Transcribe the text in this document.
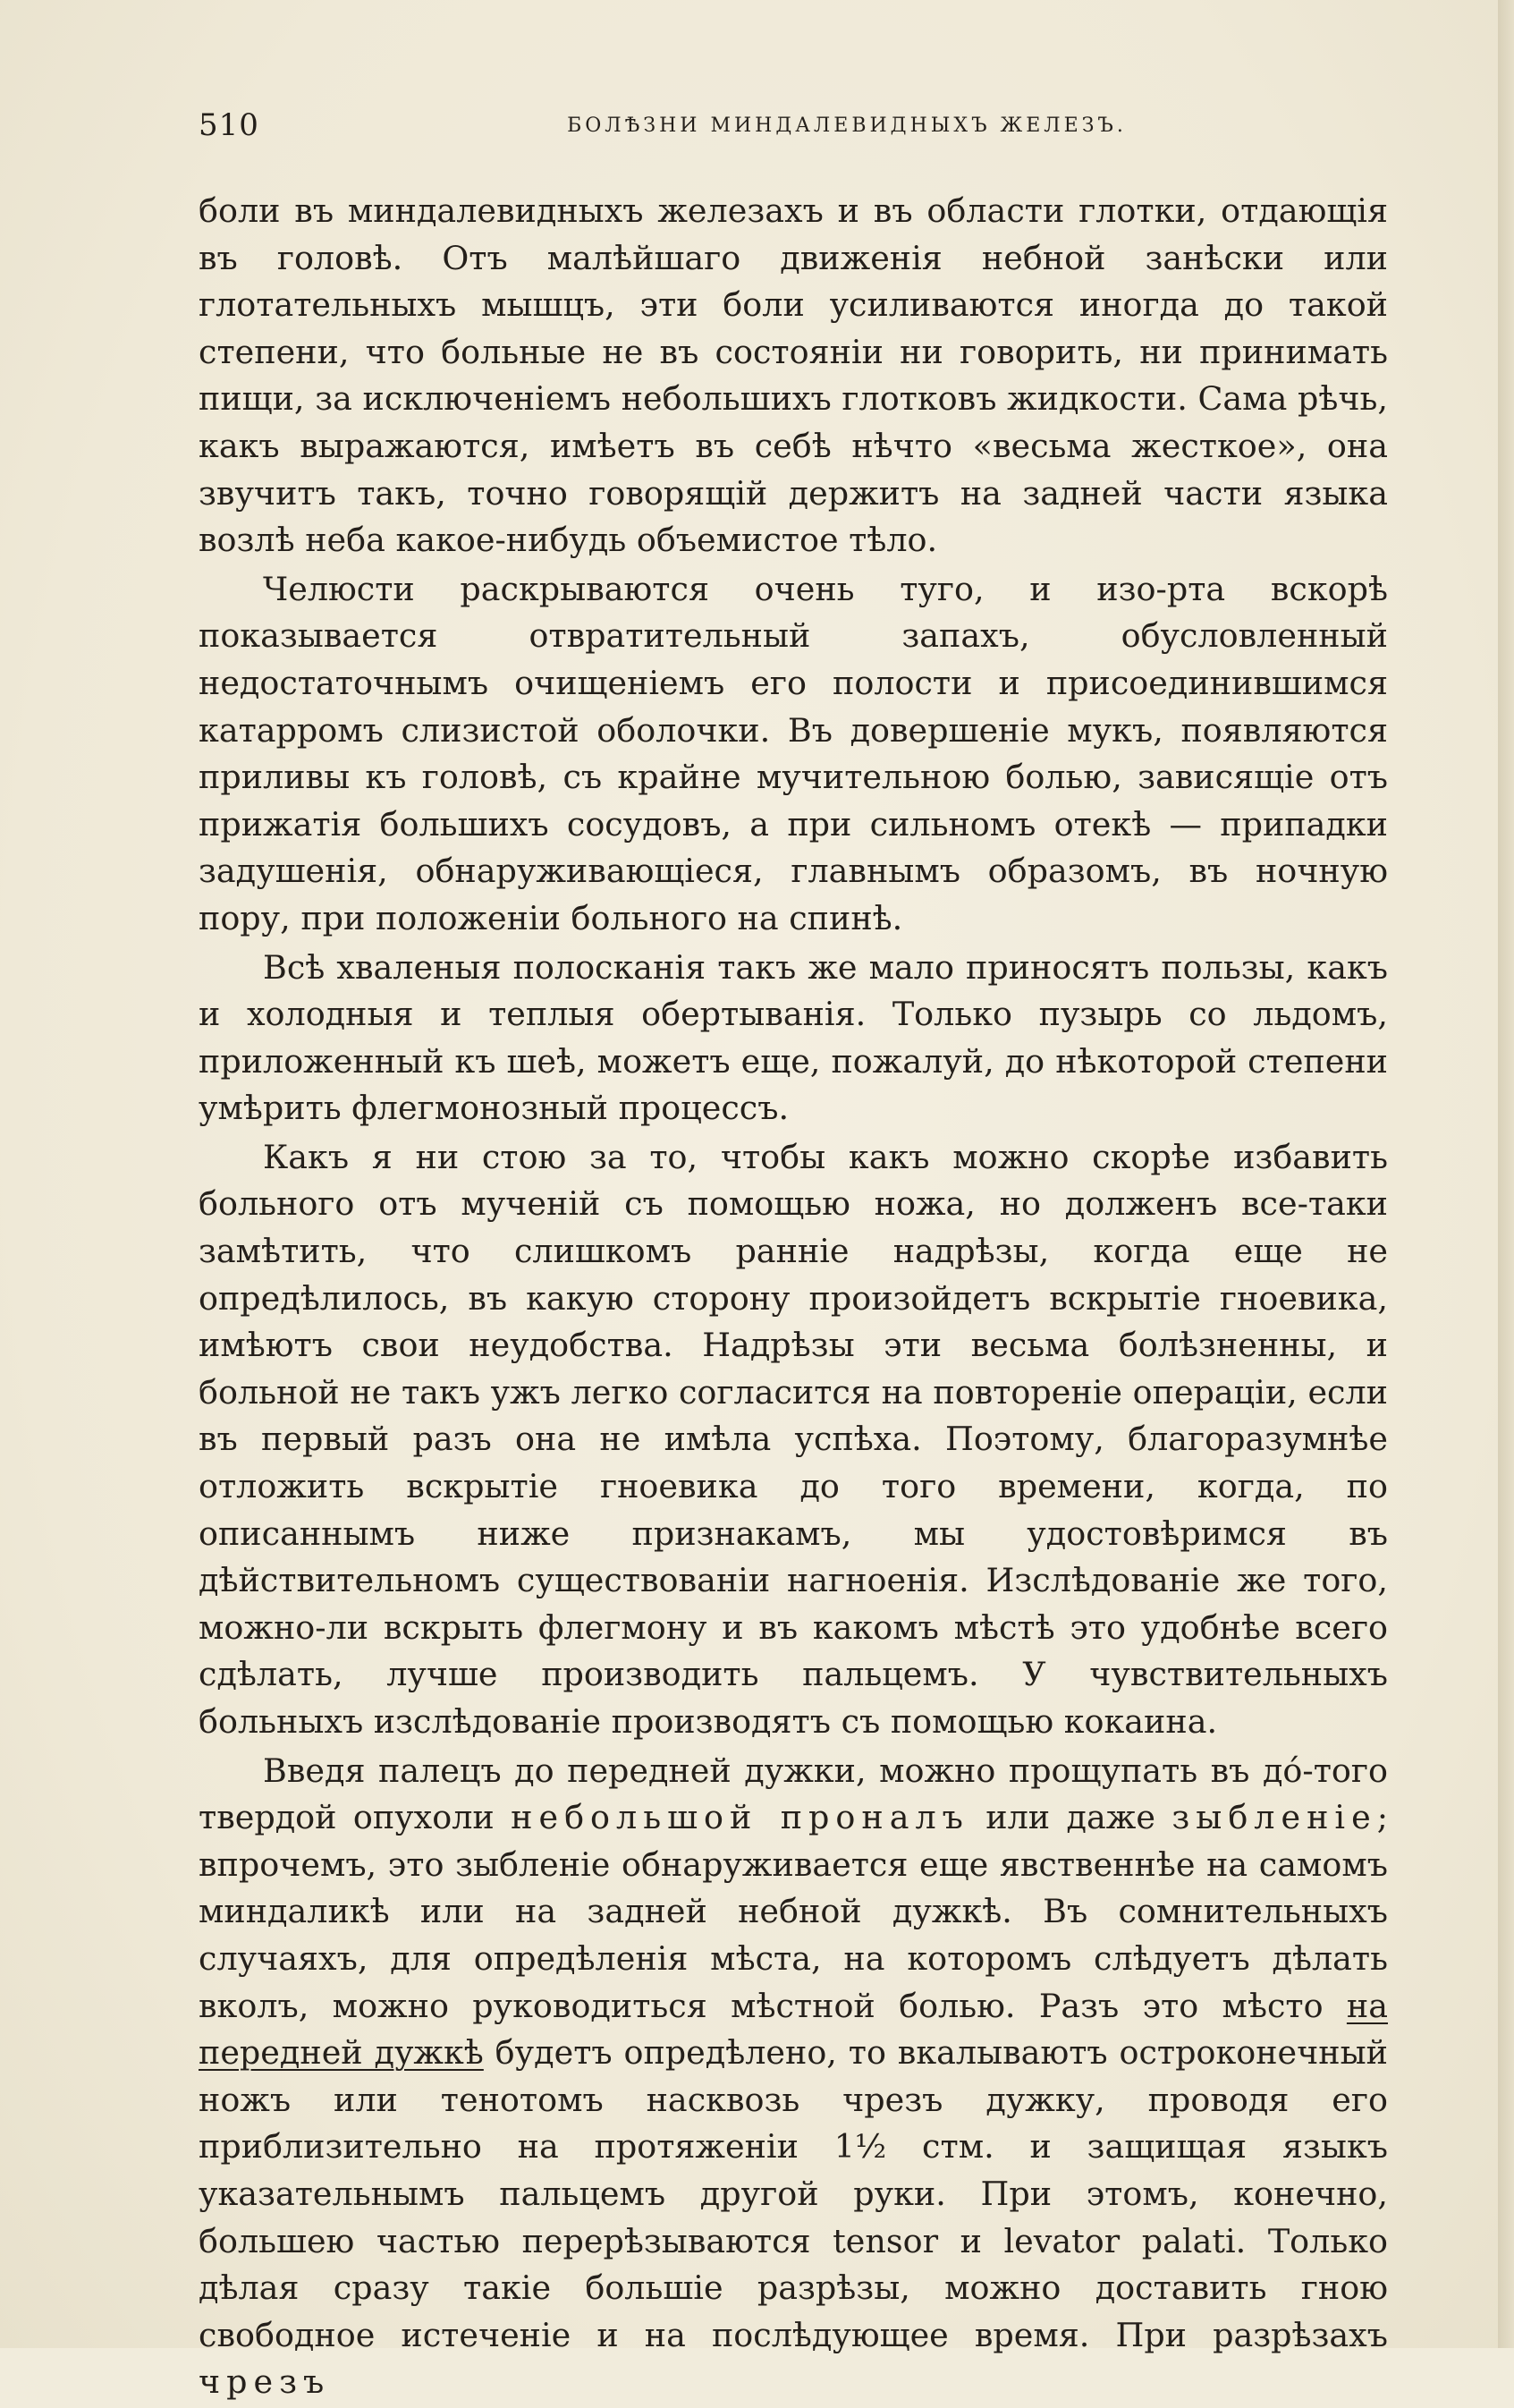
510	БОЛѢЗНИ МИНДАЛЕВИДНЫХЪ ЖЕЛЕЗЪ.

боли въ миндалевидныхъ железахъ и въ области глотки, отдающія въ головѣ. Отъ малѣйшаго движенія небной занѣски или глотательныхъ мышцъ, эти боли усиливаются иногда до такой степени, что больные не въ состояніи ни говорить, ни принимать пищи, за исключеніемъ небольшихъ глотковъ жидкости. Сама рѣчь, какъ выражаются, имѣетъ въ себѣ нѣчто «весьма жесткое», она звучитъ такъ, точно говорящій держитъ на задней части языка возлѣ неба какое-нибудь объемистое тѣло.

Челюсти раскрываются очень туго, и изо-рта вскорѣ показывается отвратительный запахъ, обусловленный недостаточнымъ очищеніемъ его полости и присоединившимся катарромъ слизистой оболочки. Въ довершеніе мукъ, появляются приливы къ головѣ, съ крайне мучительною болью, зависящіе отъ прижатія большихъ сосудовъ, а при сильномъ отекѣ — припадки задушенія, обнаруживающіеся, главнымъ образомъ, въ ночную пору, при положеніи больного на спинѣ.

Всѣ хваленыя полосканія такъ же мало приносятъ пользы, какъ и холодныя и теплыя обертыванія. Только пузырь со льдомъ, приложенный къ шеѣ, можетъ еще, пожалуй, до нѣкоторой степени умѣрить флегмонозный процессъ.

Какъ я ни стою за то, чтобы какъ можно скорѣе избавить больного отъ мученій съ помощью ножа, но долженъ все-таки замѣтить, что слишкомъ ранніе надрѣзы, когда еще не опредѣлилось, въ какую сторону произойдетъ вскрытіе гноевика, имѣютъ свои неудобства. Надрѣзы эти весьма болѣзненны, и больной не такъ ужъ легко согласится на повтореніе операціи, если въ первый разъ она не имѣла успѣха. Поэтому, благоразумнѣе отложить вскрытіе гноевика до того времени, когда, по описаннымъ ниже признакамъ, мы удостовѣримся въ дѣйствительномъ существованіи нагноенія. Изслѣдованіе же того, можно-ли вскрыть флегмону и въ какомъ мѣстѣ это удобнѣе всего сдѣлать, лучше производить пальцемъ. У чувствительныхъ больныхъ изслѣдованіе производятъ съ помощью кокаина.

Введя палецъ до передней дужки, можно прощупать въ до́-того твердой опухоли небольшой проналъ или даже зыбленіе; впрочемъ, это зыбленіе обнаруживается еще явственнѣе на самомъ миндаликѣ или на задней небной дужкѣ. Въ сомнительныхъ случаяхъ, для опредѣленія мѣста, на которомъ слѣдуетъ дѣлать вколъ, можно руководиться мѣстной болью. Разъ это мѣсто на передней дужкѣ будетъ опредѣлено, то вкалываютъ остроконечный ножъ или тенотомъ насквозь чрезъ дужку, проводя его приблизительно на протяженіи 1½ стм. и защищая языкъ указательнымъ пальцемъ другой руки. При этомъ, конечно, большею частью перерѣзываются tensor и levator palati. Только дѣлая сразу такіе большіе разрѣзы, можно доставить гною свободное истеченіе и на послѣдующее время. При разрѣзахъ чрезъ
